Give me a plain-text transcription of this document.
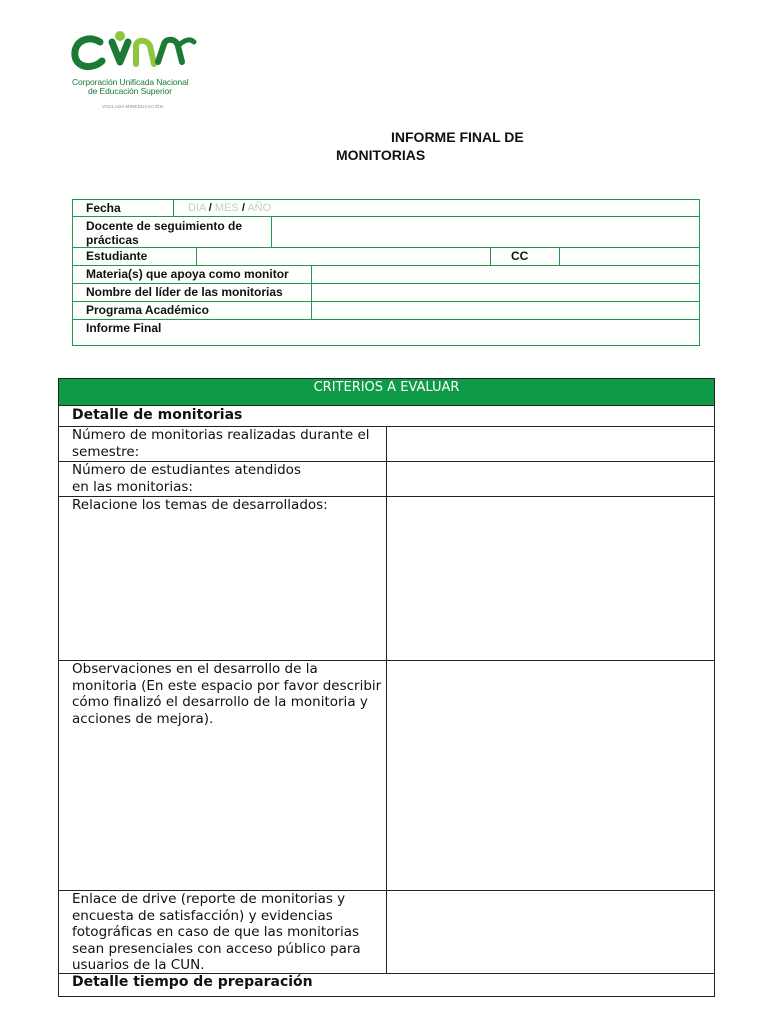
Corporación Unificada Nacional
de Educación Superior
VIGILADA MINEDUCACIÓN
INFORME FINAL DE
MONITORIAS
Fecha	DIA / MES / AÑO
Docente de seguimiento de prácticas
Estudiante	CC
Materia(s) que apoya como monitor
Nombre del líder de las monitorias
Programa Académico
Informe Final
CRITERIOS A EVALUAR
Detalle de monitorias
Número de monitorias realizadas durante el semestre:
Número de estudiantes atendidos
en las monitorias:
Relacione los temas de desarrollados:
Observaciones en el desarrollo de la monitoria (En este espacio por favor describir cómo finalizó el desarrollo de la monitoria y acciones de mejora).
Enlace de drive (reporte de monitorias y encuesta de satisfacción) y evidencias fotográficas en caso de que las monitorias sean presenciales con acceso público para usuarios de la CUN.
Detalle tiempo de preparación
